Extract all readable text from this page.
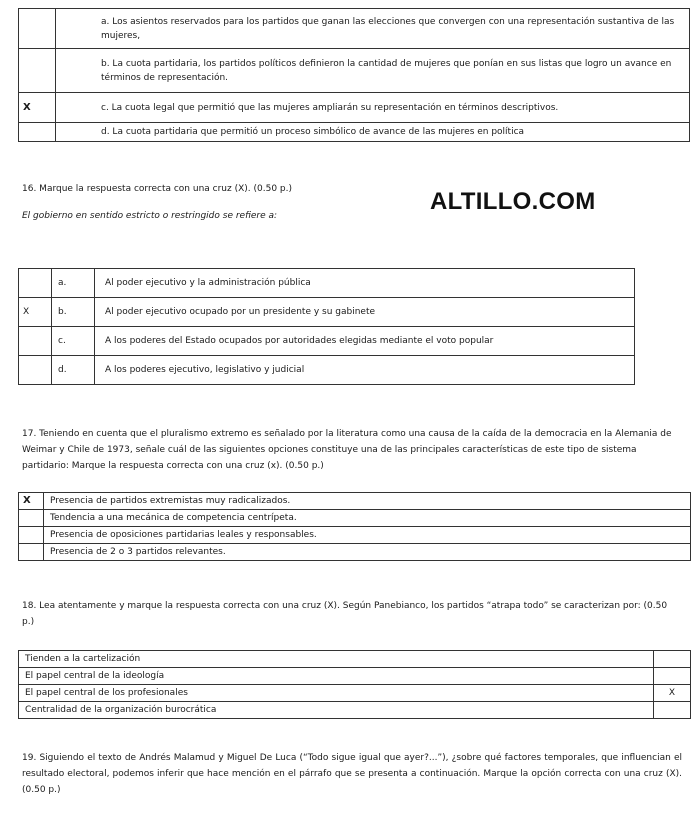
	a. Los asientos reservados para los partidos que ganan las elecciones que convergen con una representación sustantiva de las mujeres,
	b. La cuota partidaria, los partidos políticos definieron la cantidad de mujeres que ponían en sus listas que logro un avance en términos de representación.
X	c. La cuota legal que permitió que las mujeres ampliarán su representación en términos descriptivos.
	d. La cuota partidaria que permitió un proceso simbólico de avance de las mujeres en política
16. Marque la respuesta correcta con una cruz (X). (0.50 p.)
El gobierno en sentido estricto o restringido se refiere a:
ALTILLO.COM
	a.	Al poder ejecutivo y la administración pública
X	b.	Al poder ejecutivo ocupado por un presidente y su gabinete
	c.	A los poderes del Estado ocupados por autoridades elegidas mediante el voto popular
	d.	A los poderes ejecutivo, legislativo y judicial
17. Teniendo en cuenta que el pluralismo extremo es señalado por la literatura como una causa de la caída de la democracia en la Alemania de Weimar y Chile de 1973, señale cuál de las siguientes opciones constituye una de las principales características de este tipo de sistema partidario: Marque la respuesta correcta con una cruz (x). (0.50 p.)
X	Presencia de partidos extremistas muy radicalizados.
	Tendencia a una mecánica de competencia centrípeta.
	Presencia de oposiciones partidarias leales y responsables.
	Presencia de 2 o 3 partidos relevantes.
18. Lea atentamente y marque la respuesta correcta con una cruz (X). Según Panebianco, los partidos “atrapa todo” se caracterizan por: (0.50 p.)
Tienden a la cartelización	
El papel central de la ideología	
El papel central de los profesionales	X
Centralidad de la organización burocrática	
19. Siguiendo el texto de Andrés Malamud y Miguel De Luca (“Todo sigue igual que ayer?...”), ¿sobre qué factores temporales, que influencian el resultado electoral, podemos inferir que hace mención en el párrafo que se presenta a continuación. Marque la opción correcta con una cruz (X). (0.50 p.)
